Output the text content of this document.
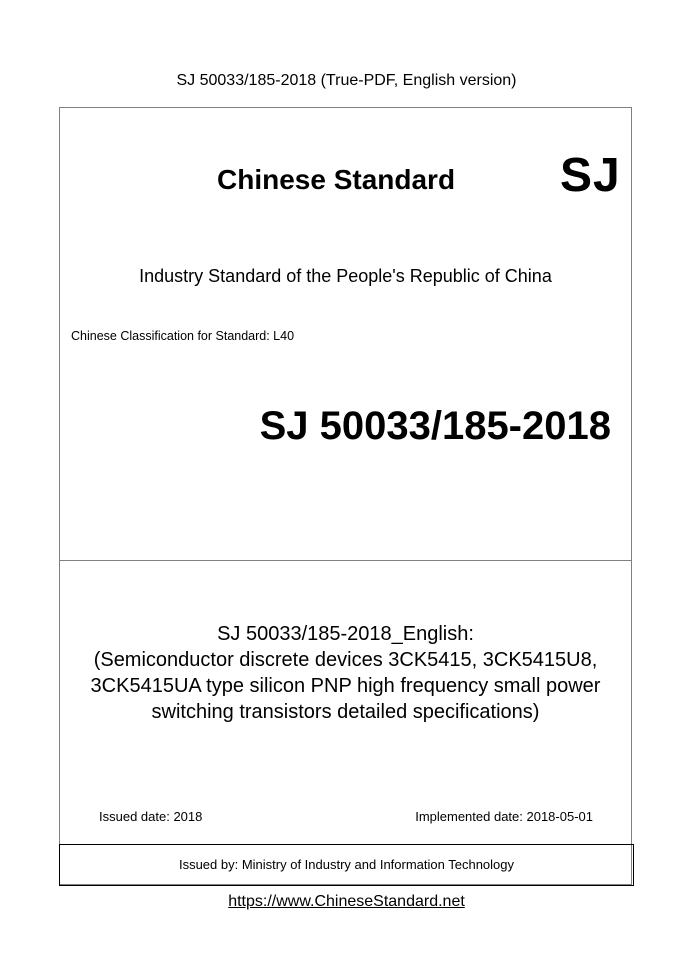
SJ 50033/185-2018 (True-PDF, English version)
Chinese Standard SJ
Industry Standard of the People's Republic of China
Chinese Classification for Standard: L40
SJ 50033/185-2018
SJ 50033/185-2018_English:
(Semiconductor discrete devices 3CK5415, 3CK5415U8,
3CK5415UA type silicon PNP high frequency small power
switching transistors detailed specifications)
Issued date: 2018	Implemented date: 2018-05-01
Issued by: Ministry of Industry and Information Technology
https://www.ChineseStandard.net
